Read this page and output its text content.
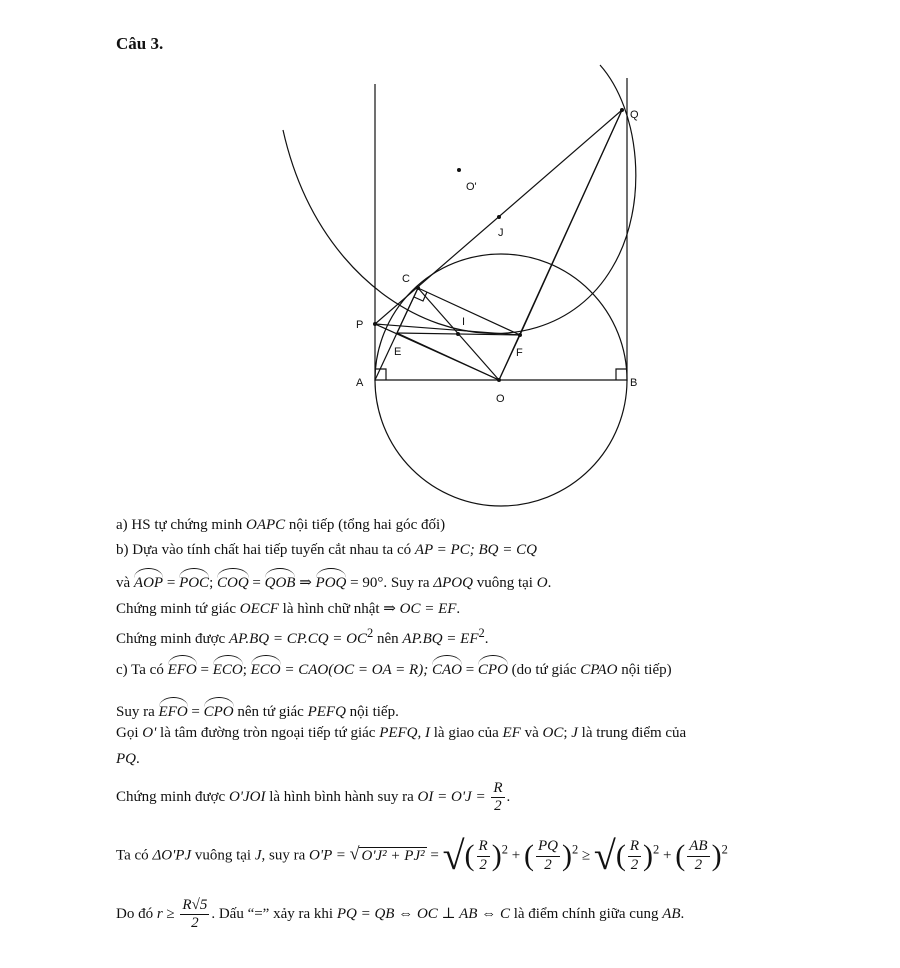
Câu 3.
Q
O'
J
C
P	I
E	F
A
O
B
a) HS tự chứng minh OAPC nội tiếp (tổng hai góc đối)
b) Dựa vào tính chất hai tiếp tuyến cắt nhau ta có AP = PC; BQ = CQ
và AOP = POC; COQ = QOB ⇒ POQ = 90°. Suy ra ΔPOQ vuông tại O.
Chứng minh tứ giác OECF là hình chữ nhật ⇒ OC = EF.
Chứng minh được $AP.BQ = CP.CQ = OC^2$ nên $AP.BQ = EF^2$.
c) Ta có EFO = ECO; ECO = CAO(OC = OA = R); CAO = CPO (do tứ giác CPAO nội tiếp)
Suy ra EFO = CPO nên tứ giác PEFQ nội tiếp.
Gọi O' là tâm đường tròn ngoại tiếp tứ giác PEFQ, I là giao của EF và OC; J là trung điểm của
PQ.
Chứng minh được O'JOI là hình bình hành suy ra OI = $O'J = \frac{R}{2}$ .
Ta có ΔO'PJ vuông tại J, suy ra O'P = √ O'J² + PJ² = √( $\frac{R}{2} )^2$ + ( $\frac{PQ}{2} )^2$ ≥ √( $\frac{R}{2} )^2$ + ( $\frac{AB}{2} )^2$
Do đó $r \ge \frac{R√5}{2}$ . Dấu “=” xảy ra khi PQ = QB ⇔ OC ⊥ AB ⇔ C là điểm chính giữa cung AB.
